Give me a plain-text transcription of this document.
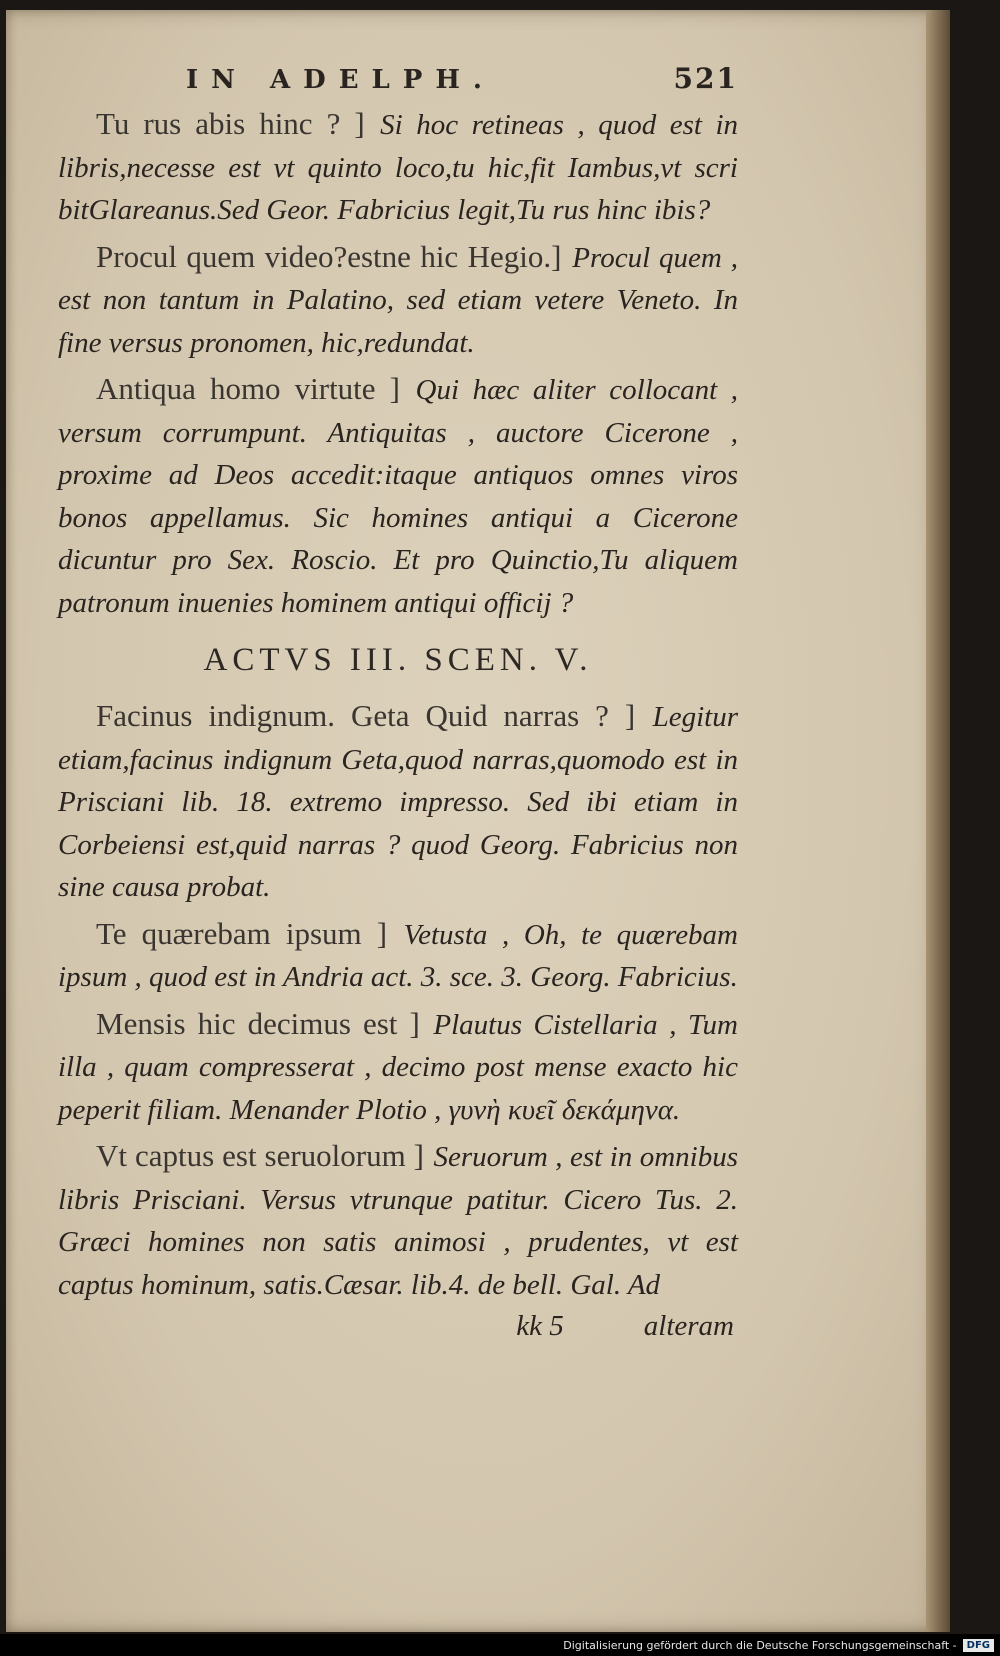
IN ADELPH.	521

Tu rus abis hinc ? ] Si hoc retineas , quod est in libris,necesse est vt quinto loco,tu hic,fit Iambus,vt scri bitGlareanus.Sed Geor. Fabricius legit,Tu rus hinc ibis?

Procul quem video?estne hic Hegio.] Procul quem , est non tantum in Palatino, sed etiam vetere Veneto. In fine versus pronomen, hic,redundat.

Antiqua homo virtute ] Qui hæc aliter collocant , versum corrumpunt. Antiquitas , auctore Cicerone , proxime ad Deos accedit:itaque antiquos omnes viros bonos appellamus. Sic homines antiqui a Cicerone dicuntur pro Sex. Roscio. Et pro Quinctio,Tu aliquem patronum inuenies hominem antiqui officij ?

ACTVS III. SCEN. V.

Facinus indignum. Geta Quid narras ? ] Legitur etiam,facinus indignum Geta,quod narras,quomodo est in Prisciani lib. 18. extremo impresso. Sed ibi etiam in Corbeiensi est,quid narras ? quod Georg. Fabricius non sine causa probat.

Te quærebam ipsum ] Vetusta , Oh, te quærebam ipsum , quod est in Andria act. 3. sce. 3. Georg. Fabricius.

Mensis hic decimus est ] Plautus Cistellaria , Tum illa , quam compresserat , decimo post mense exacto hic peperit filiam. Menander Plotio , γυνὴ κυεῖ δεκάμηνα.

Vt captus est seruolorum ] Seruorum , est in omnibus libris Prisciani. Versus vtrunque patitur. Cicero Tus. 2. Græci homines non satis animosi , prudentes, vt est captus hominum, satis.Cæsar. lib.4. de bell. Gal. Ad

kk 5	alteram
Digitalisierung gefördert durch die Deutsche Forschungsgemeinschaft -	DFG
